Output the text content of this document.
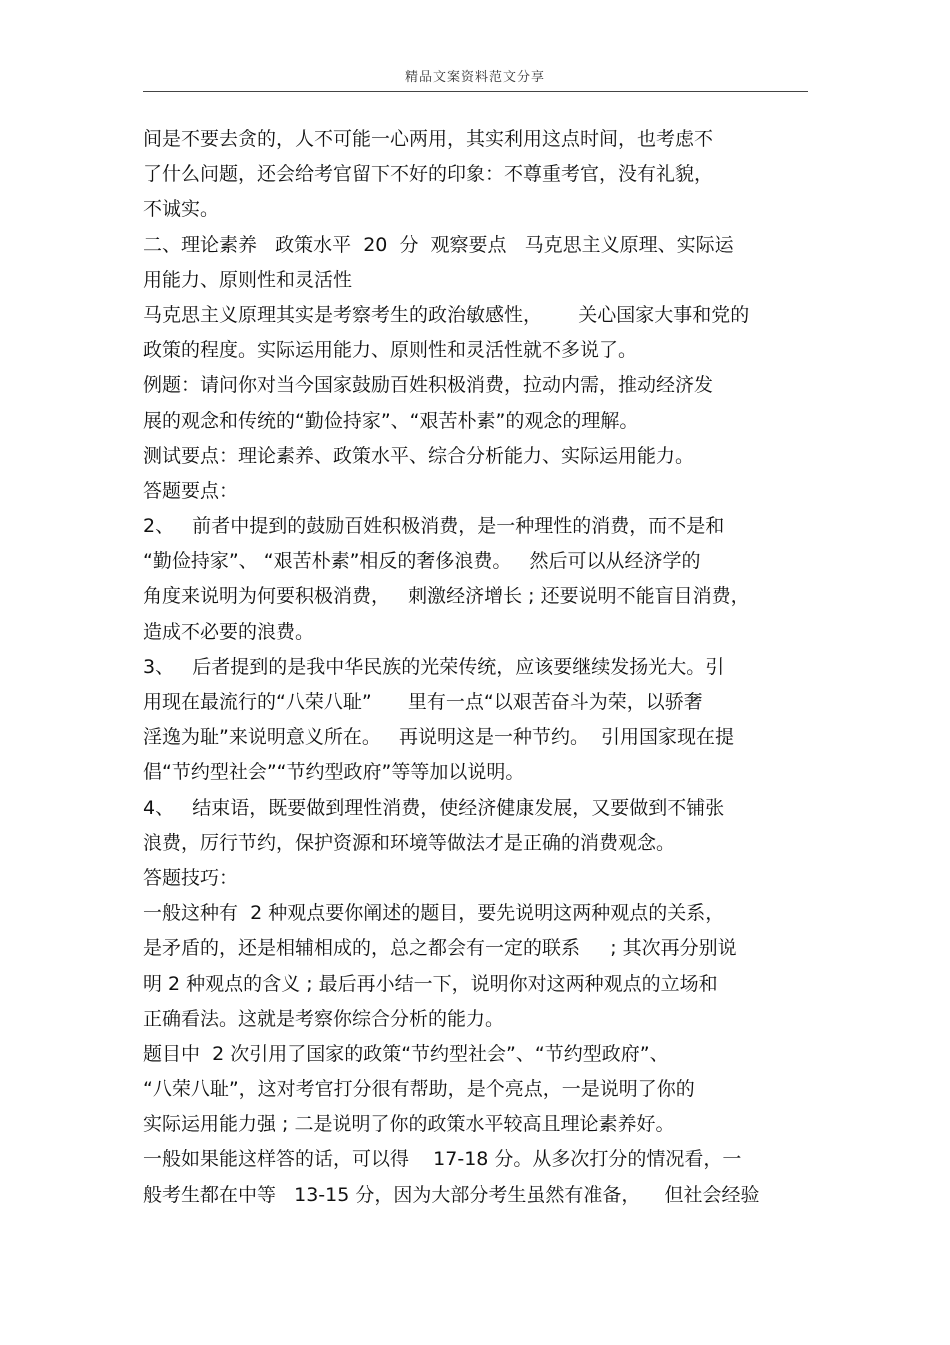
精品文案资料范文分享
间是不要去贪的，人不可能一心两用，其实利用这点时间，也考虑不
了什么问题，还会给考官留下不好的印象：不尊重考官，没有礼貌，
不诚实。
二、理论素养   政策水平  20  分  观察要点   马克思主义原理、实际运
用能力、原则性和灵活性
马克思主义原理其实是考察考生的政治敏感性，      关心国家大事和党的
政策的程度。实际运用能力、原则性和灵活性就不多说了。
例题：请问你对当今国家鼓励百姓积极消费，拉动内需，推动经济发
展的观念和传统的“勤俭持家”、“艰苦朴素”的观念的理解。
测试要点：理论素养、政策水平、综合分析能力、实际运用能力。
答题要点：
2、   前者中提到的鼓励百姓积极消费，是一种理性的消费，而不是和
“勤俭持家”、 “艰苦朴素”相反的奢侈浪费。   然后可以从经济学的
角度来说明为何要积极消费，   刺激经济增长 ; 还要说明不能盲目消费，
造成不必要的浪费。
3、   后者提到的是我中华民族的光荣传统，应该要继续发扬光大。引
用现在最流行的“八荣八耻”      里有一点“以艰苦奋斗为荣，以骄奢
淫逸为耻”来说明意义所在。   再说明这是一种节约。  引用国家现在提
倡“节约型社会”“节约型政府”等等加以说明。
4、   结束语，既要做到理性消费，使经济健康发展，又要做到不铺张
浪费，厉行节约，保护资源和环境等做法才是正确的消费观念。
答题技巧：
一般这种有  2 种观点要你阐述的题目，要先说明这两种观点的关系，
是矛盾的，还是相辅相成的，总之都会有一定的联系     ; 其次再分别说
明 2 种观点的含义 ; 最后再小结一下，说明你对这两种观点的立场和
正确看法。这就是考察你综合分析的能力。
题目中  2 次引用了国家的政策“节约型社会”、“节约型政府”、
“八荣八耻”，这对考官打分很有帮助，是个亮点，一是说明了你的
实际运用能力强 ; 二是说明了你的政策水平较高且理论素养好。
一般如果能这样答的话，可以得    17-18 分。从多次打分的情况看，一
般考生都在中等   13-15 分，因为大部分考生虽然有准备，    但社会经验
